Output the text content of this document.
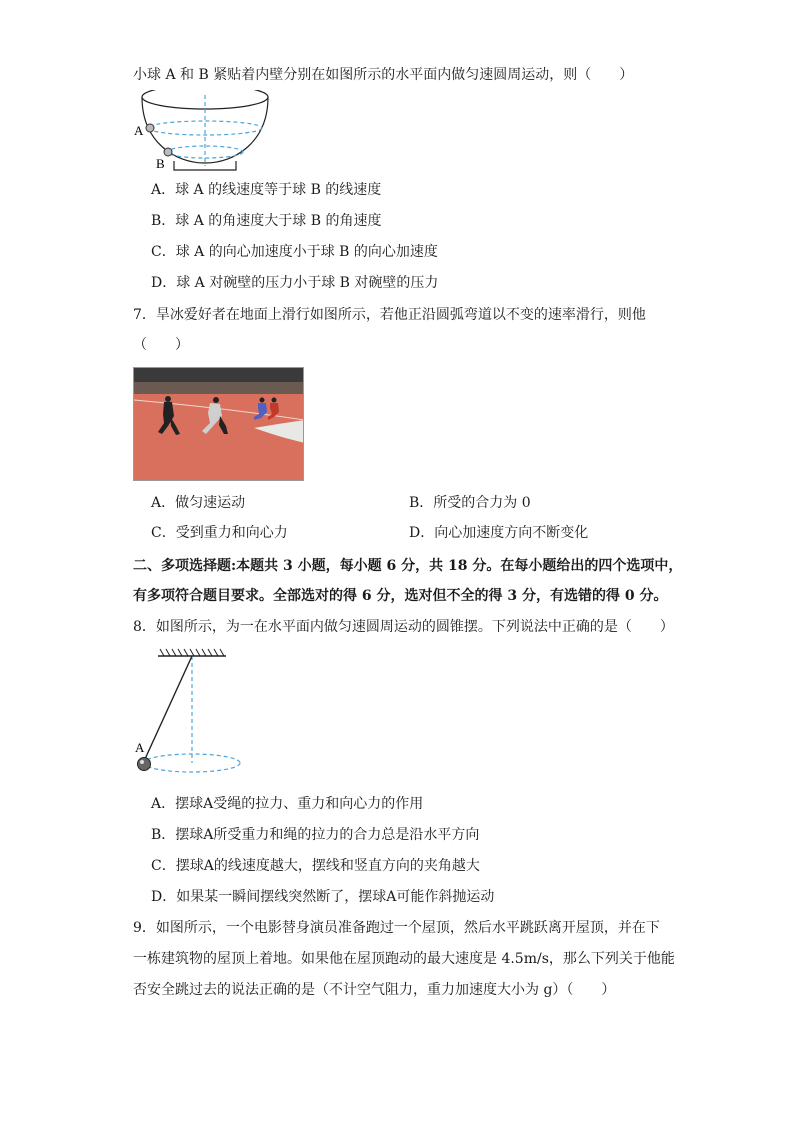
小球 A 和 B 紧贴着内壁分别在如图所示的水平面内做匀速圆周运动，则（　　）
A
B
A．球 A 的线速度等于球 B 的线速度
B．球 A 的角速度大于球 B 的角速度
C．球 A 的向心加速度小于球 B 的向心加速度
D．球 A 对碗壁的压力小于球 B 对碗壁的压力
7．旱冰爱好者在地面上滑行如图所示，若他正沿圆弧弯道以不变的速率滑行，则他
（　　）
A．做匀速运动	B．所受的合力为 0
C．受到重力和向心力	D．向心加速度方向不断变化
二、多项选择题:本题共 3 小题，每小题 6 分，共 18 分。在每小题给出的四个选项中，
有多项符合题目要求。全部选对的得 6 分，选对但不全的得 3 分，有选错的得 0 分。
8．如图所示，为一在水平面内做匀速圆周运动的圆锥摆。下列说法中正确的是（　　）
A
A．摆球A受绳的拉力、重力和向心力的作用
B．摆球A所受重力和绳的拉力的合力总是沿水平方向
C．摆球A的线速度越大，摆线和竖直方向的夹角越大
D．如果某一瞬间摆线突然断了，摆球A可能作斜抛运动
9．如图所示，一个电影替身演员准备跑过一个屋顶，然后水平跳跃离开屋顶，并在下
一栋建筑物的屋顶上着地。如果他在屋顶跑动的最大速度是 4.5m/s，那么下列关于他能
否安全跳过去的说法正确的是（不计空气阻力，重力加速度大小为 g）（　　）
